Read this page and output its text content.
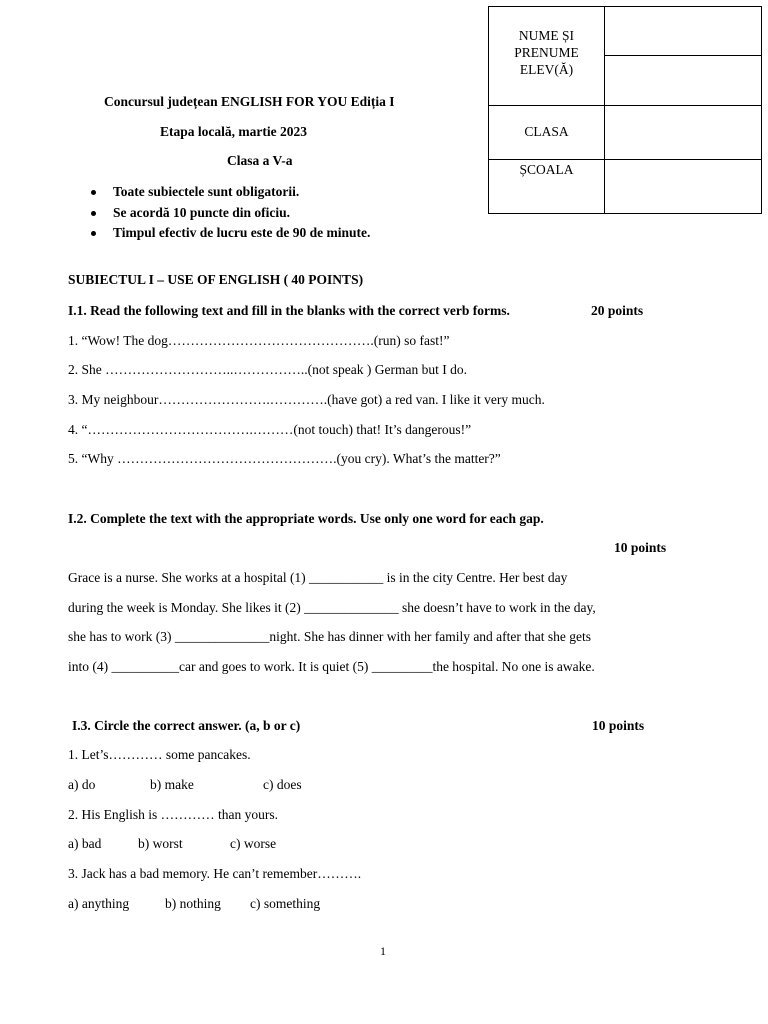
NUME ȘI
PRENUME
ELEV(Ă)
CLASA
ȘCOALA
Concursul județean ENGLISH FOR YOU Ediția I
Etapa locală, martie 2023
Clasa a V-a
Toate subiectele sunt obligatorii.
Se acordă 10 puncte din oficiu.
Timpul efectiv de lucru este de 90 de minute.
SUBIECTUL I – USE OF ENGLISH ( 40 POINTS)
I.1. Read the following text and fill in the blanks with the correct verb forms.	20 points
1. “Wow! The dog……………………………………….(run) so fast!”
2. She ………………………..……………..(not speak ) German but I do.
3. My neighbour…………………….………….(have got) a red van. I like it very much.
4. “……………………………….………(not touch) that! It’s dangerous!”
5. “Why ………………………………………….(you cry). What’s the matter?”
I.2. Complete the text with the appropriate words. Use only one word for each gap.
10 points
Grace is a nurse. She works at a hospital (1) ___________ is in the city Centre. Her best day
during the week is Monday. She likes it (2) ______________ she doesn’t have to work in the day,
she has to work (3) ______________night. She has dinner with her family and after that she gets
into (4) __________car and goes to work. It is quiet (5) _________the hospital. No one is awake.
I.3. Circle the correct answer. (a, b or c)	10 points
1. Let’s………… some pancakes.
a) do	b) make	c) does
2. His English is ………… than yours.
a) bad	b) worst	c) worse
3. Jack has a bad memory. He can’t remember……….
a) anything	b) nothing c) something
1
